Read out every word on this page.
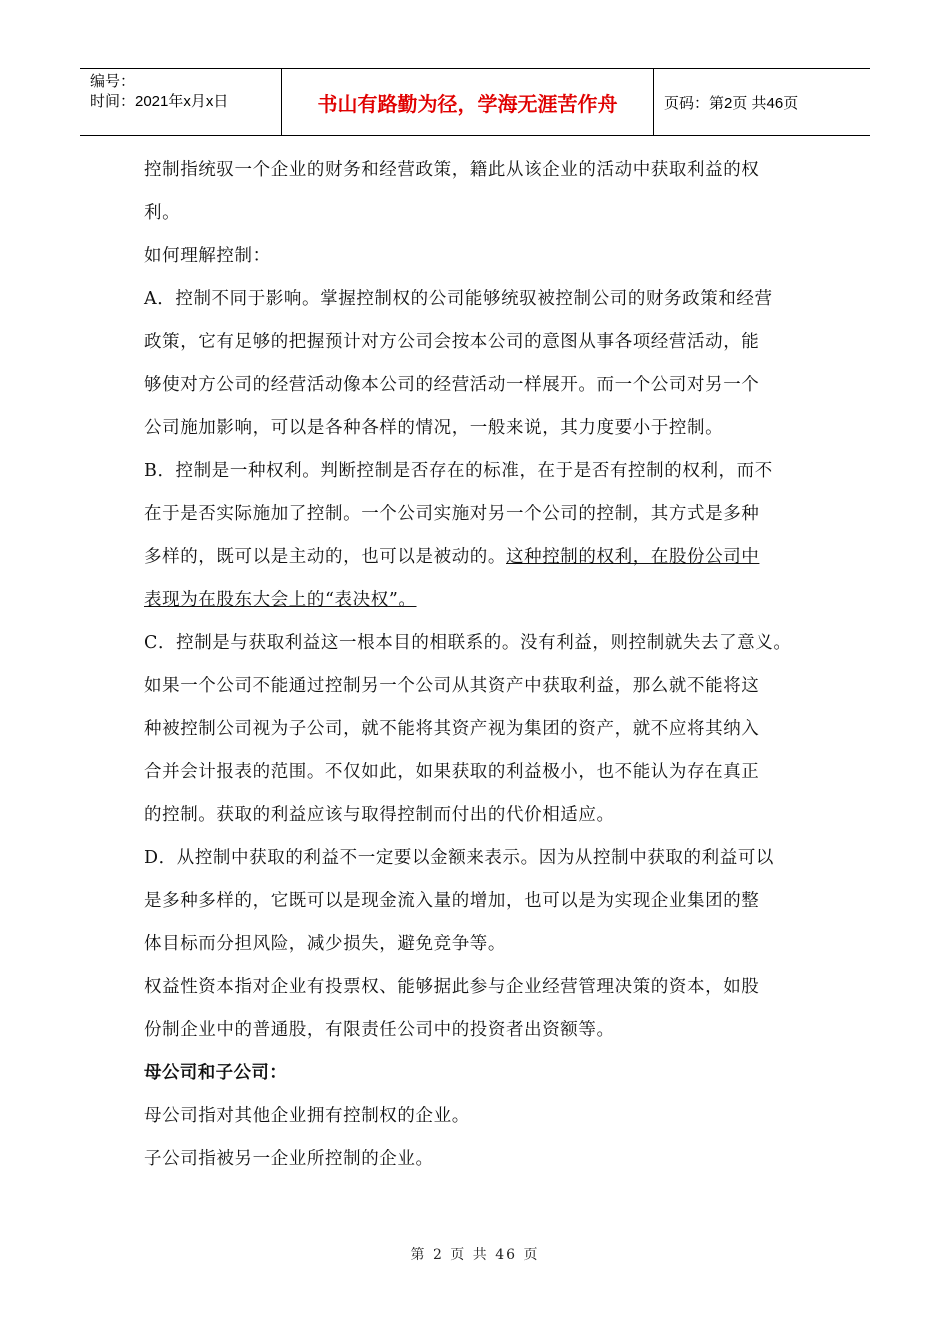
编号：
时间：2021年x月x日	书山有路勤为径，学海无涯苦作舟	页码：第2页 共46页

控制指统驭一个企业的财务和经营政策，籍此从该企业的活动中获取利益的权

利。

如何理解控制：

A．控制不同于影响。掌握控制权的公司能够统驭被控制公司的财务政策和经营

政策，它有足够的把握预计对方公司会按本公司的意图从事各项经营活动，能

够使对方公司的经营活动像本公司的经营活动一样展开。而一个公司对另一个

公司施加影响，可以是各种各样的情况，一般来说，其力度要小于控制。

B．控制是一种权利。判断控制是否存在的标准，在于是否有控制的权利，而不

在于是否实际施加了控制。一个公司实施对另一个公司的控制，其方式是多种

多样的，既可以是主动的，也可以是被动的。这种控制的权利，在股份公司中

表现为在股东大会上的“表决权”。

C．控制是与获取利益这一根本目的相联系的。没有利益，则控制就失去了意义。

如果一个公司不能通过控制另一个公司从其资产中获取利益，那么就不能将这

种被控制公司视为子公司，就不能将其资产视为集团的资产，就不应将其纳入

合并会计报表的范围。不仅如此，如果获取的利益极小，也不能认为存在真正

的控制。获取的利益应该与取得控制而付出的代价相适应。

D．从控制中获取的利益不一定要以金额来表示。因为从控制中获取的利益可以

是多种多样的，它既可以是现金流入量的增加，也可以是为实现企业集团的整

体目标而分担风险，减少损失，避免竞争等。

权益性资本指对企业有投票权、能够据此参与企业经营管理决策的资本，如股

份制企业中的普通股，有限责任公司中的投资者出资额等。

母公司和子公司：

母公司指对其他企业拥有控制权的企业。

子公司指被另一企业所控制的企业。

第 2 页 共 46 页
